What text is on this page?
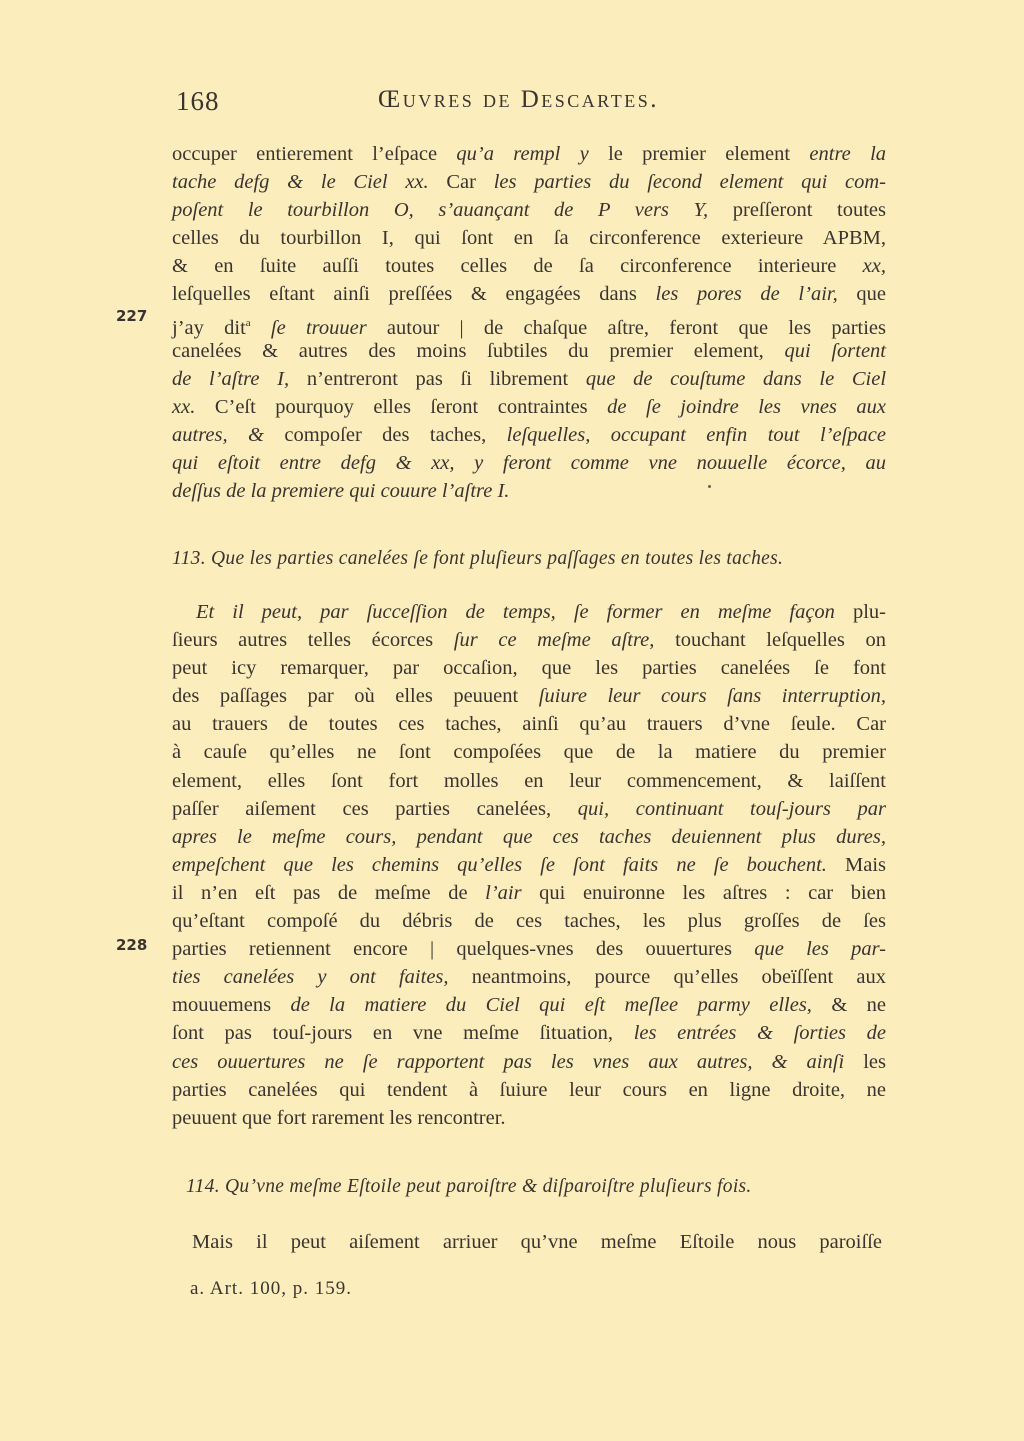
168	Œuvres de Descartes.
227
228
occuper entierement l’eſpace qu’a rempl y le premier element entre la
tache defg & le Ciel xx. Car les parties du ſecond element qui com-
poſent le tourbillon O, s’auançant de P vers Y, preſſeront toutes
celles du tourbillon I, qui ſont en ſa circonference exterieure APBM,
& en ſuite auſſi toutes celles de ſa circonference interieure xx,
leſquelles eſtant ainſi preſſées & engagées dans les pores de l’air, que
j’ay dit$^a$ ſe trouuer autour | de chaſque aſtre, feront que les parties
canelées & autres des moins ſubtiles du premier element, qui ſortent
de l’aſtre I, n’entreront pas ſi librement que de couſtume dans le Ciel
xx. C’eſt pourquoy elles ſeront contraintes de ſe joindre les vnes aux
autres, & compoſer des taches, leſquelles, occupant enfin tout l’eſpace
qui eſtoit entre defg & xx, y feront comme vne nouuelle écorce, au
deſſus de la premiere qui couure l’aſtre I.
113. Que les parties canelées ſe font pluſieurs paſſages en toutes les taches.
Et il peut, par ſucceſſion de temps, ſe former en meſme façon plu-
ſieurs autres telles écorces ſur ce meſme aſtre, touchant leſquelles on
peut icy remarquer, par occaſion, que les parties canelées ſe font
des paſſages par où elles peuuent ſuiure leur cours ſans interruption,
au trauers de toutes ces taches, ainſi qu’au trauers d’vne ſeule. Car
à cauſe qu’elles ne ſont compoſées que de la matiere du premier
element, elles ſont fort molles en leur commencement, & laiſſent
paſſer aiſement ces parties canelées, qui, continuant touſ-jours par
apres le meſme cours, pendant que ces taches deuiennent plus dures,
empeſchent que les chemins qu’elles ſe ſont faits ne ſe bouchent. Mais
il n’en eſt pas de meſme de l’air qui enuironne les aſtres : car bien
qu’eſtant compoſé du débris de ces taches, les plus groſſes de ſes
parties retiennent encore | quelques-vnes des ouuertures que les par-
ties canelées y ont faites, neantmoins, pource qu’elles obeïſſent aux
mouuemens de la matiere du Ciel qui eſt meſlee parmy elles, & ne
ſont pas touſ-jours en vne meſme ſituation, les entrées & ſorties de
ces ouuertures ne ſe rapportent pas les vnes aux autres, & ainſi les
parties canelées qui tendent à ſuiure leur cours en ligne droite, ne
peuuent que fort rarement les rencontrer.
114. Qu’vne meſme Eſtoile peut paroiſtre & diſparoiſtre pluſieurs fois.
Mais il peut aiſement arriuer qu’vne meſme Eſtoile nous paroiſſe
a. Art. 100, p. 159.
